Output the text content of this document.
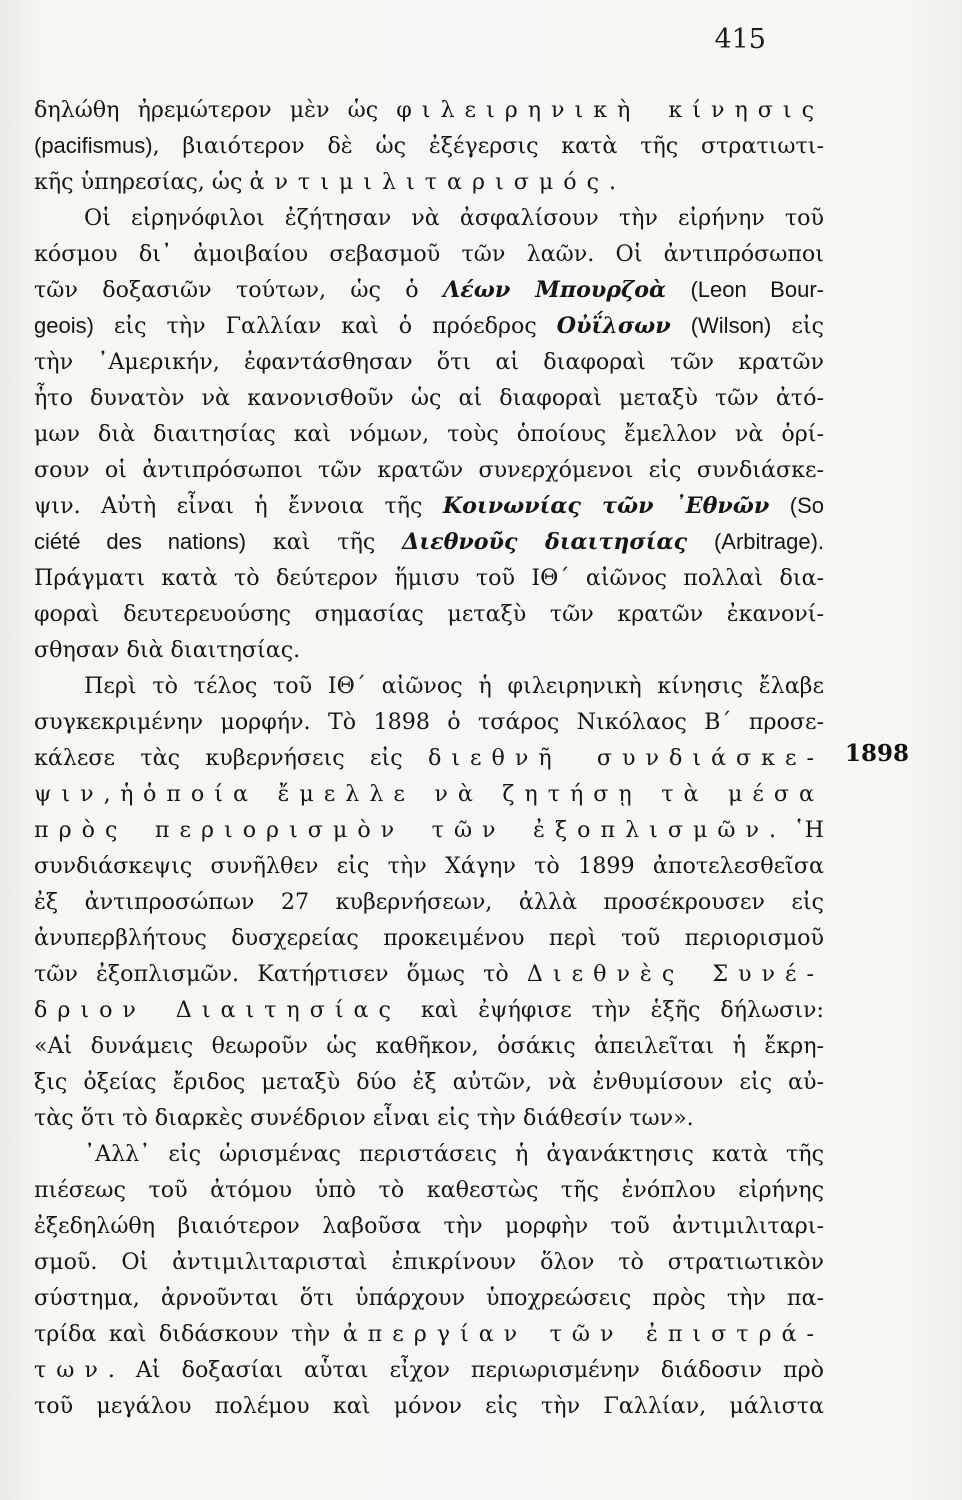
415
1898

δηλώθη ἠρεμώτερον μὲν ὡς φιλειρηνικὴ κίνησις

(pacifismus), βιαιότερον δὲ ὡς ἐξέγερσις κατὰ τῆς στρατιωτι-

κῆς ὑπηρεσίας, ὡς ἀντιμιλιταρισμός.

Οἱ εἰρηνόφιλοι ἐζήτησαν νὰ ἀσφαλίσουν τὴν εἰρήνην τοῦ

κόσμου δι᾽ ἀμοιβαίου σεβασμοῦ τῶν λαῶν. Οἱ ἀντιπρόσωποι

τῶν δοξασιῶν τούτων, ὡς ὁ Λέων Μπουρζοὰ (Leon Bour-

geois) εἰς τὴν Γαλλίαν καὶ ὁ πρόεδρος Οὐΐλσων (Wilson) εἰς

τὴν ᾿Αμερικήν, ἐφαντάσθησαν ὅτι αἱ διαφοραὶ τῶν κρατῶν

ἦτο δυνατὸν νὰ κανονισθοῦν ὡς αἱ διαφοραὶ μεταξὺ τῶν ἀτό-

μων διὰ διαιτησίας καὶ νόμων, τοὺς ὁποίους ἔμελλον νὰ ὁρί-

σουν οἱ ἀντιπρόσωποι τῶν κρατῶν συνερχόμενοι εἰς συνδιάσκε-

ψιν. Αὐτὴ εἶναι ἡ ἔννοια τῆς Κοινωνίας τῶν ᾿Εθνῶν (So

ciété des nations) καὶ τῆς Διεθνοῦς διαιτησίας (Arbitrage).

Πράγματι κατὰ τὸ δεύτερον ἥμισυ τοῦ ΙΘ´ αἰῶνος πολλαὶ δια-

φοραὶ δευτερευούσης σημασίας μεταξὺ τῶν κρατῶν ἐκανονί-

σθησαν διὰ διαιτησίας.

Περὶ τὸ τέλος τοῦ ΙΘ´ αἰῶνος ἡ φιλειρηνικὴ κίνησις ἔλαβε

συγκεκριμένην μορφήν. Τὸ 1898 ὁ τσάρος Νικόλαος Β´ προσε-

κάλεσε τὰς κυβερνήσεις εἰς διεθνῆ συνδιάσκε-

ψιν, ἡ ὁποία ἔμελλε νὰ ζητήσῃ τὰ μέσα

πρὸς περιορισμὸν τῶν ἐξοπλισμῶν. ῾Η

συνδιάσκεψις συνῆλθεν εἰς τὴν Χάγην τὸ 1899 ἀποτελεσθεῖσα

ἐξ ἀντιπροσώπων 27 κυβερνήσεων, ἀλλὰ προσέκρουσεν εἰς

ἀνυπερβλήτους δυσχερείας προκειμένου περὶ τοῦ περιορισμοῦ

τῶν ἐξοπλισμῶν. Κατήρτισεν ὅμως τὸ Διεθνὲς Συνέ-

δριον Διαιτησίας καὶ ἐψήφισε τὴν ἑξῆς δήλωσιν:

«Αἱ δυνάμεις θεωροῦν ὡς καθῆκον, ὁσάκις ἀπειλεῖται ἡ ἔκρη-

ξις ὀξείας ἔριδος μεταξὺ δύο ἐξ αὐτῶν, νὰ ἐνθυμίσουν εἰς αὐ-

τὰς ὅτι τὸ διαρκὲς συνέδριον εἶναι εἰς τὴν διάθεσίν των».

᾿Αλλ᾽ εἰς ὡρισμένας περιστάσεις ἡ ἀγανάκτησις κατὰ τῆς

πιέσεως τοῦ ἀτόμου ὑπὸ τὸ καθεστὼς τῆς ἐνόπλου εἰρήνης

ἐξεδηλώθη βιαιότερον λαβοῦσα τὴν μορφὴν τοῦ ἀντιμιλιταρι-

σμοῦ. Οἱ ἀντιμιλιταρισταὶ ἐπικρίνουν ὅλον τὸ στρατιωτικὸν

σύστημα, ἀρνοῦνται ὅτι ὑπάρχουν ὑποχρεώσεις πρὸς τὴν πα-

τρίδα καὶ διδάσκουν τὴν ἀπεργίαν τῶν ἐπιστρά-

των. Αἱ δοξασίαι αὗται εἶχον περιωρισμένην διάδοσιν πρὸ

τοῦ μεγάλου πολέμου καὶ μόνον εἰς τὴν Γαλλίαν, μάλιστα
